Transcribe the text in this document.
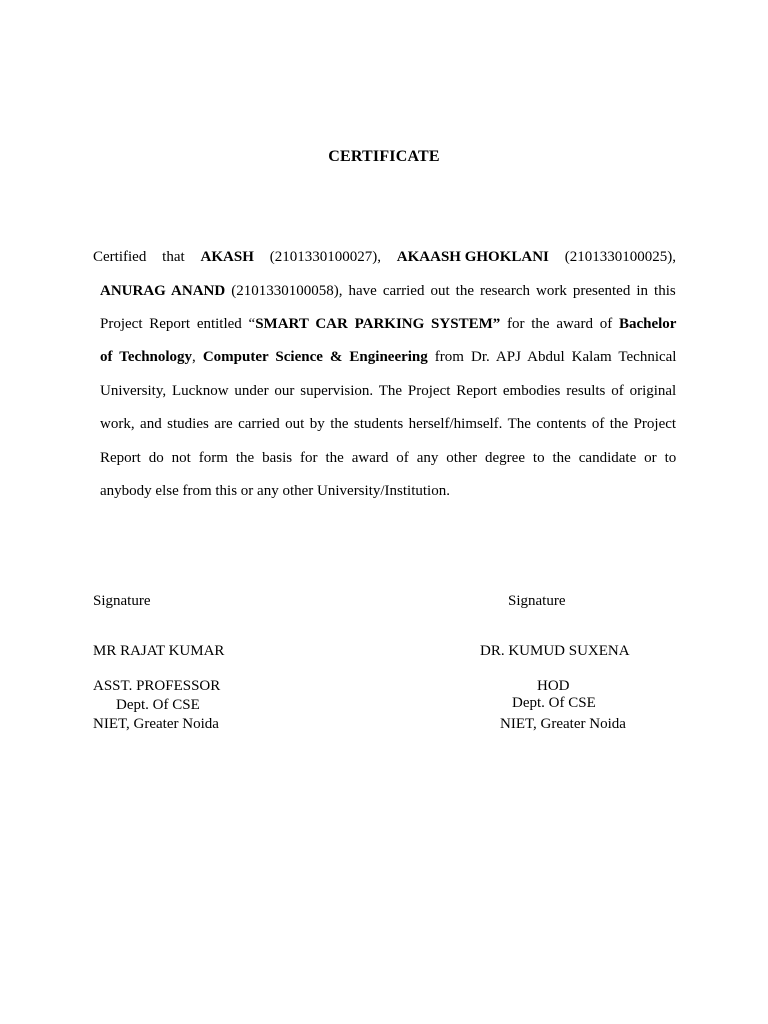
CERTIFICATE
Certified that AKASH (2101330100027), AKAASH GHOKLANI (2101330100025),
ANURAG ANAND (2101330100058), have carried out the research work presented in this
Project Report entitled “SMART CAR PARKING SYSTEM” for the award of Bachelor
of Technology, Computer Science & Engineering from Dr. APJ Abdul Kalam Technical
University, Lucknow under our supervision. The Project Report embodies results of original
work, and studies are carried out by the students herself/himself. The contents of the Project
Report do not form the basis for the award of any other degree to the candidate or to
anybody else from this or any other University/Institution.
Signature
MR RAJAT KUMAR
ASST. PROFESSOR
Dept. Of CSE
NIET, Greater Noida
Signature
DR. KUMUD SUXENA
HOD
Dept. Of CSE
NIET, Greater Noida
